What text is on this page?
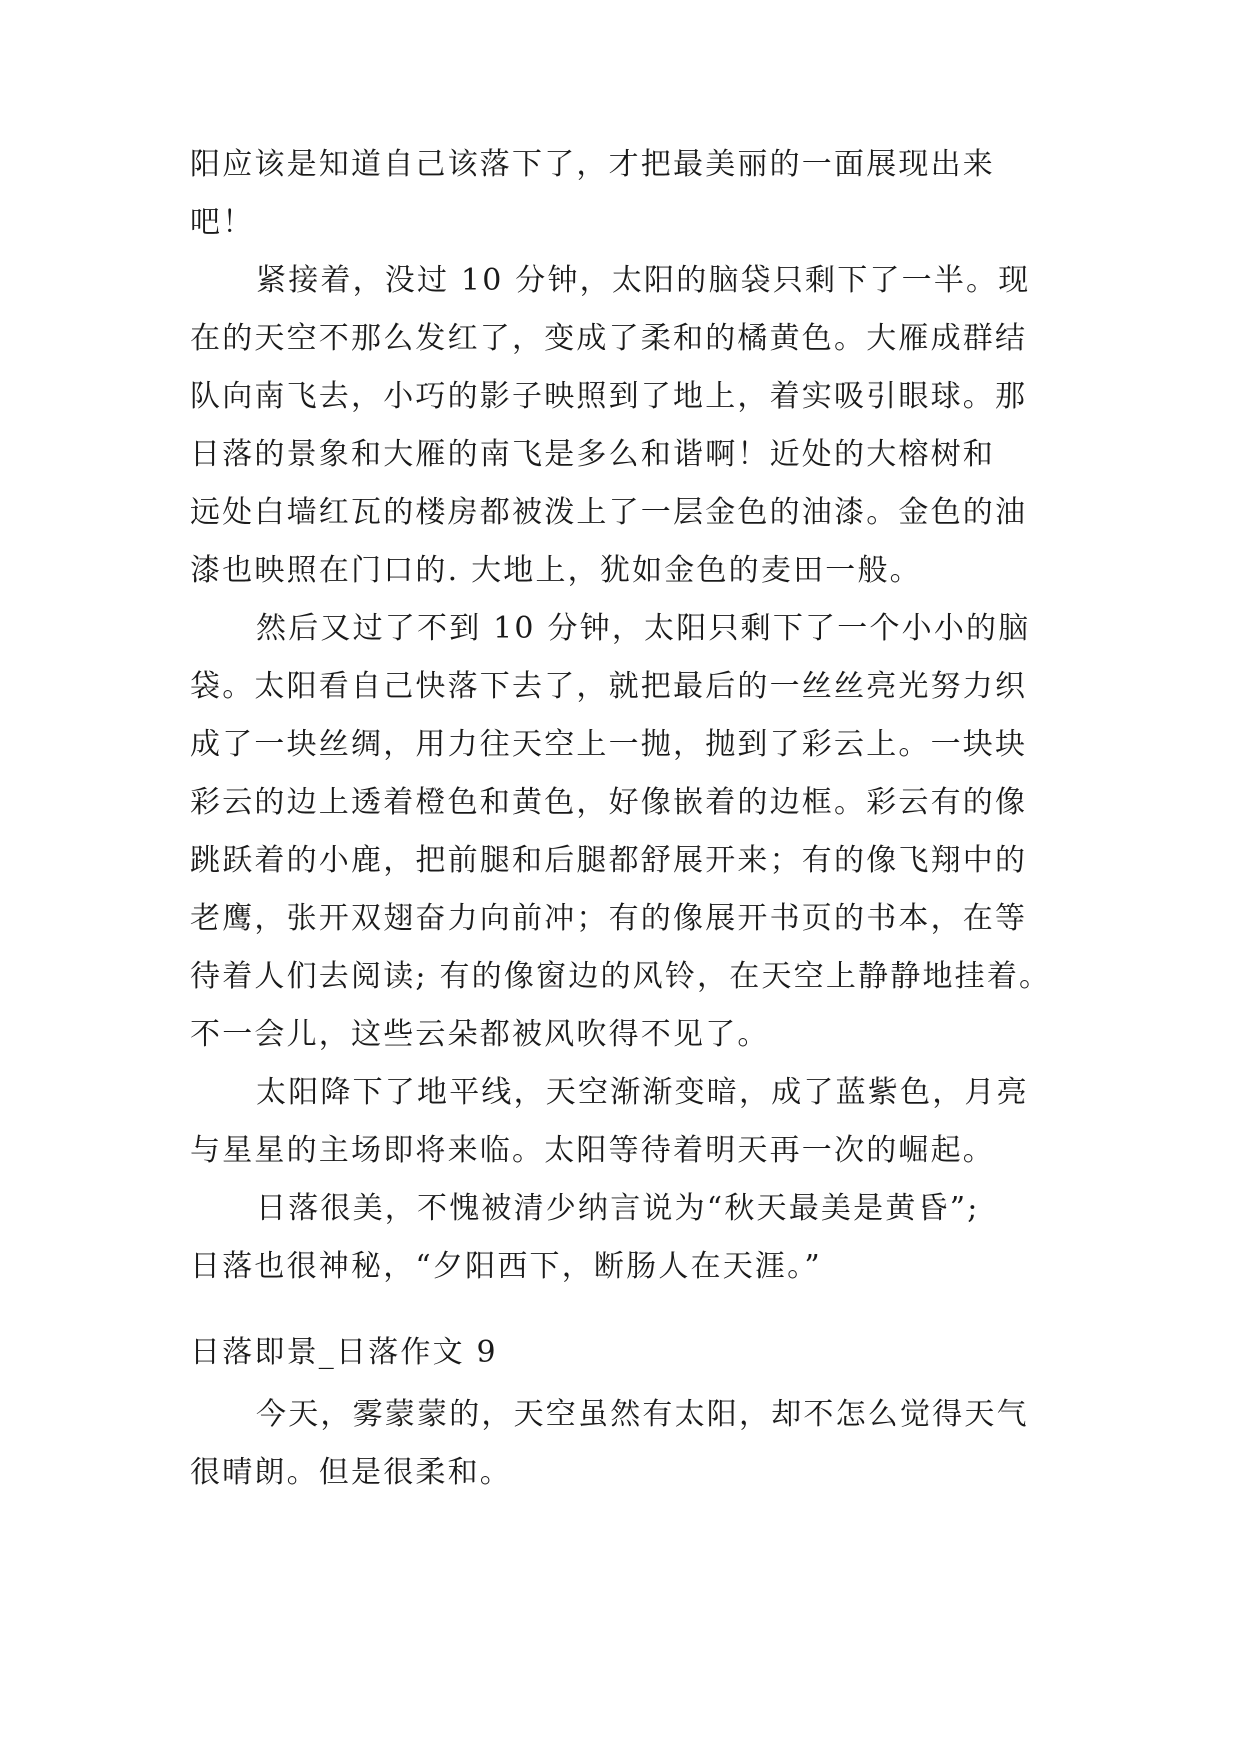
阳应该是知道自己该落下了，才把最美丽的一面展现出来
吧！
紧接着，没过 10 分钟，太阳的脑袋只剩下了一半。现
在的天空不那么发红了，变成了柔和的橘黄色。大雁成群结
队向南飞去，小巧的影子映照到了地上，着实吸引眼球。那
日落的景象和大雁的南飞是多么和谐啊！近处的大榕树和
远处白墙红瓦的楼房都被泼上了一层金色的油漆。金色的油
漆也映照在门口的. 大地上，犹如金色的麦田一般。
然后又过了不到 10 分钟，太阳只剩下了一个小小的脑
袋。太阳看自己快落下去了，就把最后的一丝丝亮光努力织
成了一块丝绸，用力往天空上一抛，抛到了彩云上。一块块
彩云的边上透着橙色和黄色，好像嵌着的边框。彩云有的像
跳跃着的小鹿，把前腿和后腿都舒展开来；有的像飞翔中的
老鹰，张开双翅奋力向前冲；有的像展开书页的书本，在等
待着人们去阅读; 有的像窗边的风铃，在天空上静静地挂着。
不一会儿，这些云朵都被风吹得不见了。
太阳降下了地平线，天空渐渐变暗，成了蓝紫色，月亮
与星星的主场即将来临。太阳等待着明天再一次的崛起。
日落很美，不愧被清少纳言说为“秋天最美是黄昏”;
日落也很神秘，“夕阳西下，断肠人在天涯。”
日落即景_日落作文 9
今天，雾蒙蒙的，天空虽然有太阳，却不怎么觉得天气
很晴朗。但是很柔和。
